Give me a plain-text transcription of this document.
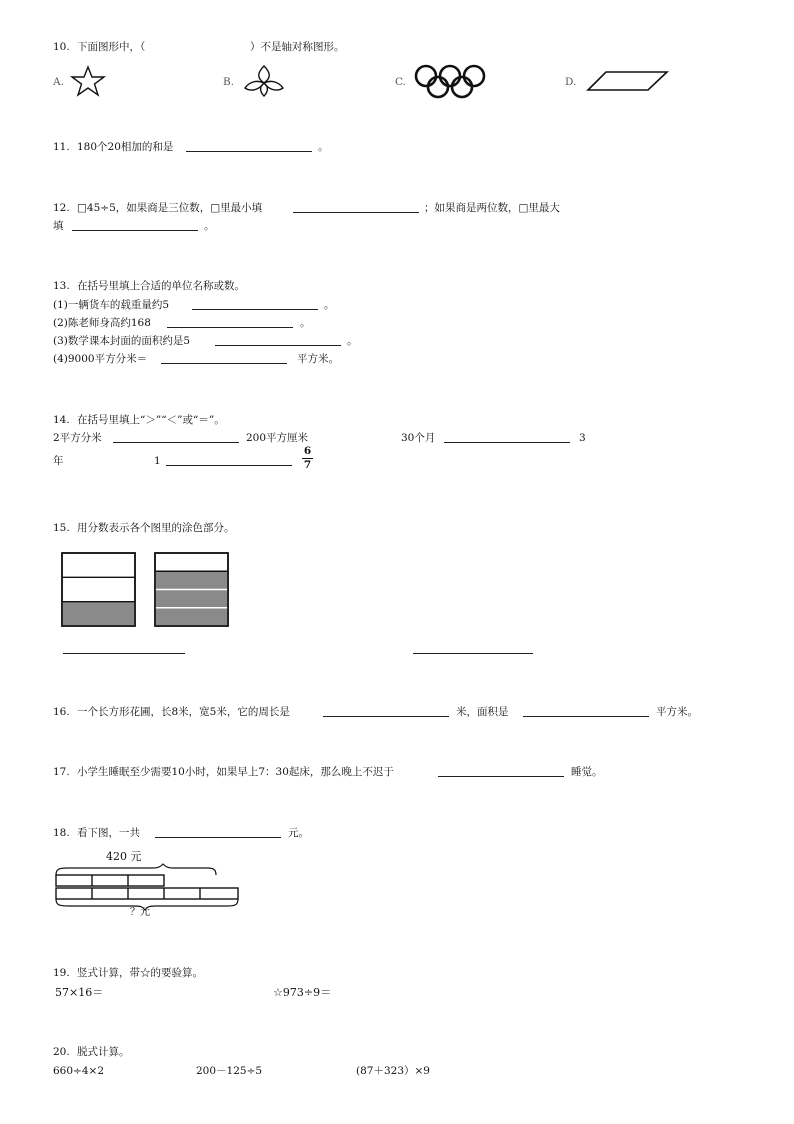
10. 下面图形中，（	）不是轴对称图形。
A.	B.	C.	D.
11. 180个20相加的和是	。
12. □45÷5，如果商是三位数，□里最小填	；如果商是两位数，□里最大
填	。
13. 在括号里填上合适的单位名称或数。
(1)一辆货车的载重量约5	。
(2)陈老师身高约168	。
(3)数学课本封面的面积约是5	。
(4)9000平方分米＝	平方米。
14. 在括号里填上“＞”“＜”或“＝”。
2平方分米	200平方厘米	30个月	3
年	1
6
7
15. 用分数表示各个图里的涂色部分。
16. 一个长方形花圃，长8米，宽5米，它的周长是	米，面积是	平方米。
17. 小学生睡眠至少需要10小时，如果早上7：30起床，那么晚上不迟于	睡觉。
18. 看下图，一共	元。
420 元
？元
19. 竖式计算，带☆的要验算。
57×16＝	☆973÷9＝
20. 脱式计算。
660÷4×2	200－125÷5	(87＋323）×9
